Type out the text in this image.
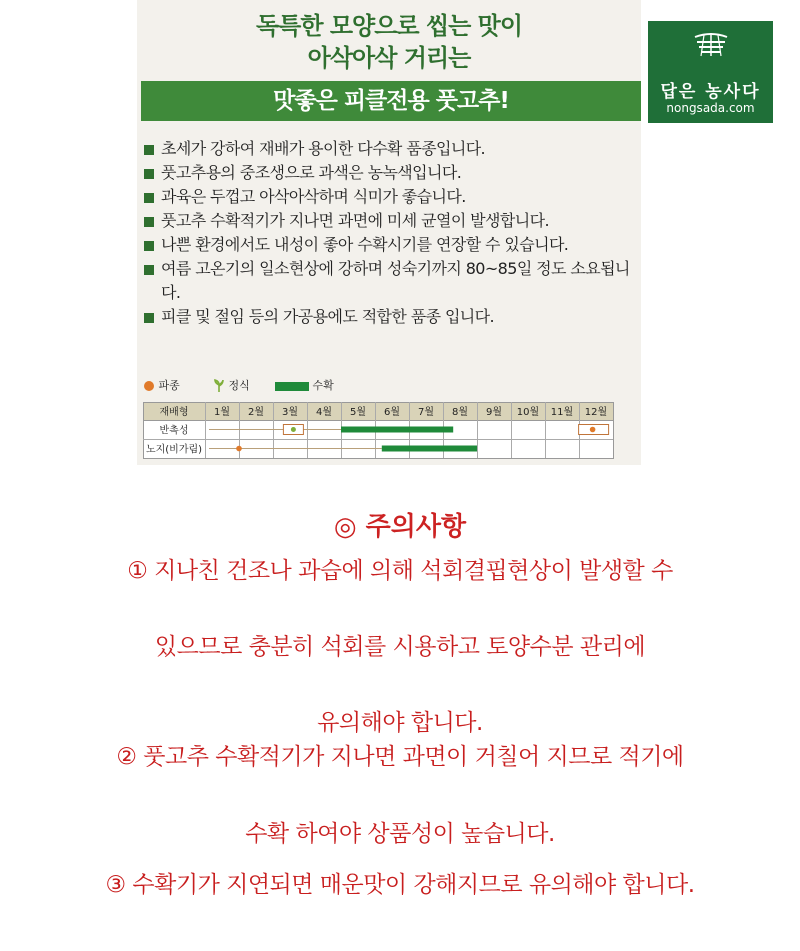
독특한 모양으로 씹는 맛이
아삭아삭 거리는
맛좋은 피클전용 풋고추!	답은 농사다
nongsada.com
초세가 강하여 재배가 용이한 다수확 품종입니다.
풋고추용의 중조생으로 과색은 농녹색입니다.
과육은 두껍고 아삭아삭하며 식미가 좋습니다.
풋고추 수확적기가 지나면 과면에 미세 균열이 발생합니다.
나쁜 환경에서도 내성이 좋아 수확시기를 연장할 수 있습니다.
여름 고온기의 일소현상에 강하며 성숙기까지 80~85일 정도 소요됩니다.
피클 및 절임 등의 가공용에도 적합한 품종 입니다.
파종	정식	수확
재배형	1월 2월 3월 4월 5월 6월 7월 8월 9월 10월 11월 12월
반촉성
노지(비가림)
◎ 주의사항
① 지나친 건조나 과습에 의해 석회결핍현상이 발생할 수
있으므로 충분히 석회를 시용하고 토양수분 관리에
유의해야 합니다.
② 풋고추 수확적기가 지나면 과면이 거칠어 지므로 적기에
수확 하여야 상품성이 높습니다.
③ 수확기가 지연되면 매운맛이 강해지므로 유의해야 합니다.
